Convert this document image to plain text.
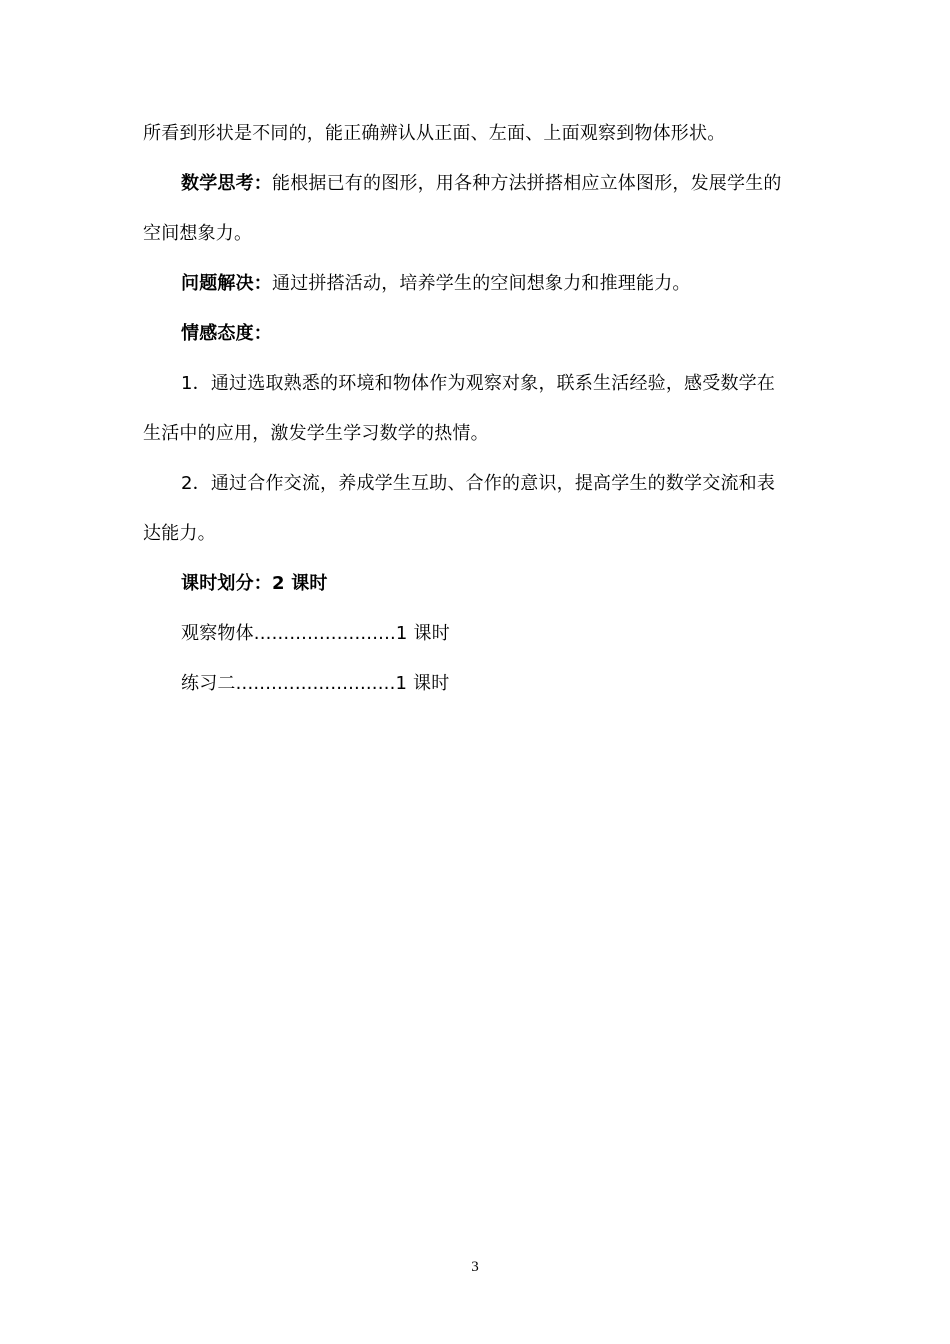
所看到形状是不同的，能正确辨认从正面、左面、上面观察到物体形状。
数学思考：能根据已有的图形，用各种方法拼搭相应立体图形，发展学生的
空间想象力。
问题解决：通过拼搭活动，培养学生的空间想象力和推理能力。
情感态度：
1．通过选取熟悉的环境和物体作为观察对象，联系生活经验，感受数学在
生活中的应用，激发学生学习数学的热情。
2．通过合作交流，养成学生互助、合作的意识，提高学生的数学交流和表
达能力。
课时划分：2 课时
观察物体........................1 课时
练习二...........................1 课时
3
